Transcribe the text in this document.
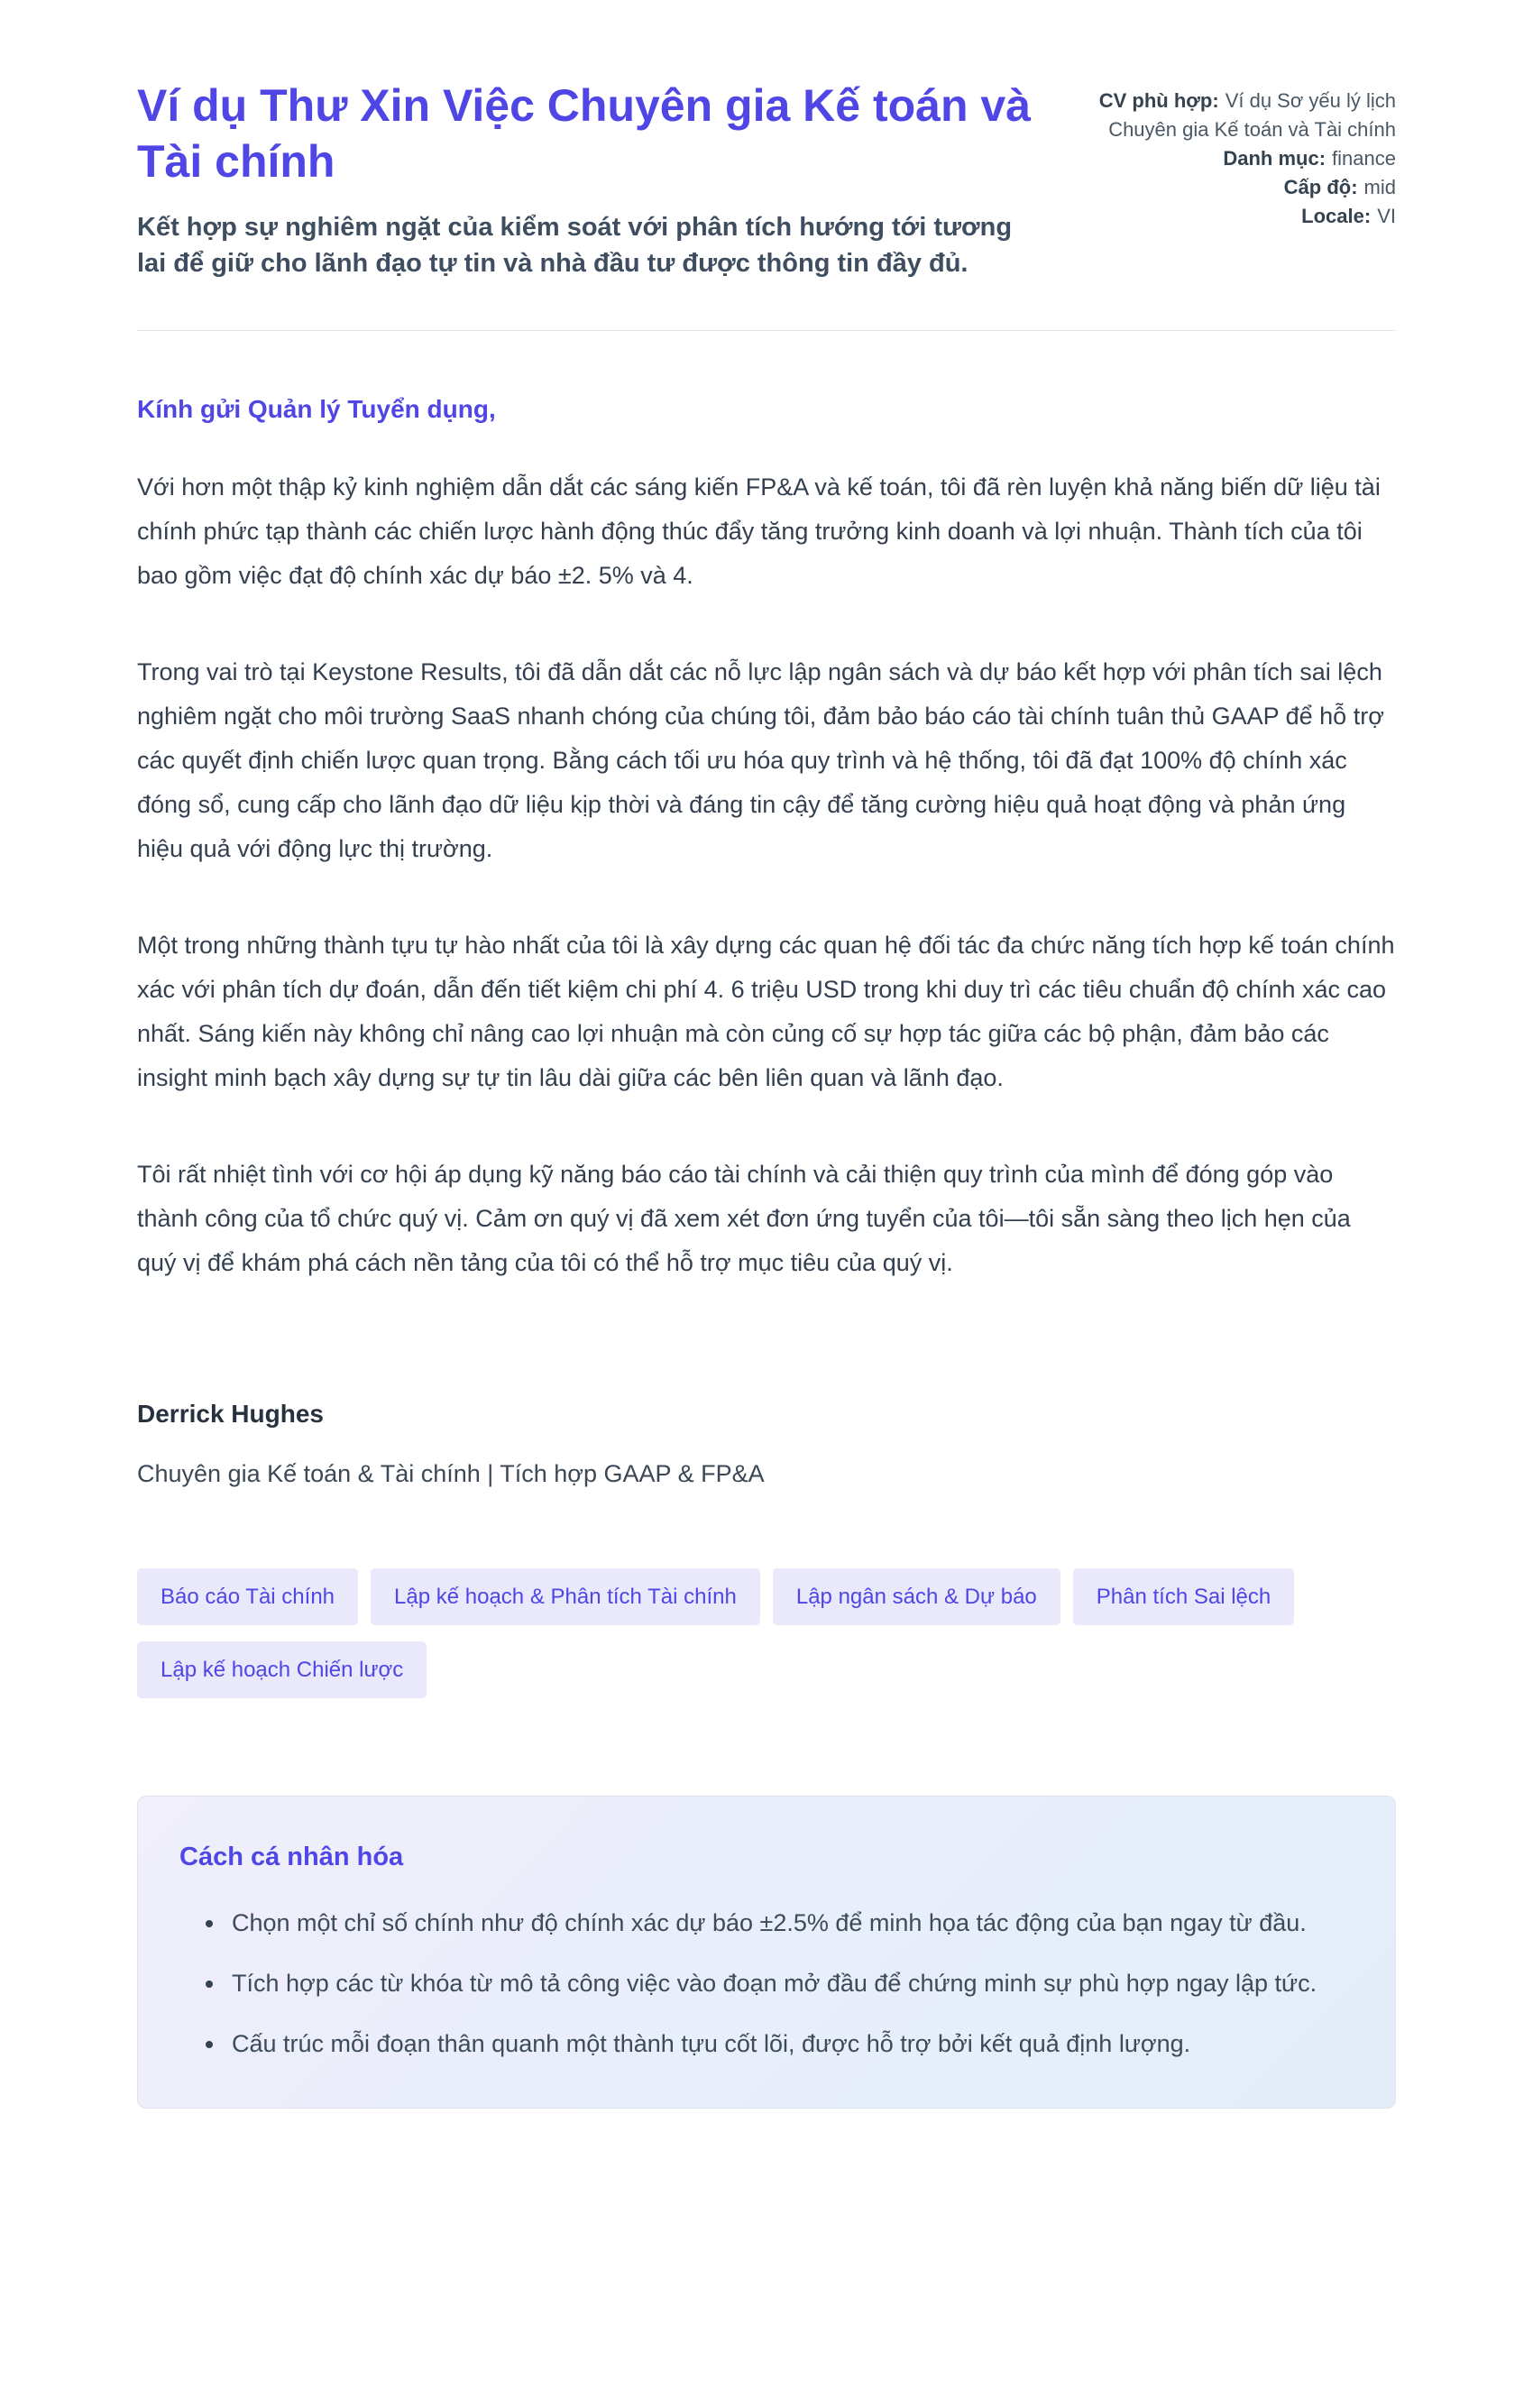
Ví dụ Thư Xin Việc Chuyên gia Kế toán và Tài chính

Kết hợp sự nghiêm ngặt của kiểm soát với phân tích hướng tới tương lai để giữ cho lãnh đạo tự tin và nhà đầu tư được thông tin đầy đủ.

CV phù hợp: Ví dụ Sơ yếu lý lịch Chuyên gia Kế toán và Tài chính
Danh mục: finance
Cấp độ: mid
Locale: VI

Kính gửi Quản lý Tuyển dụng,

Với hơn một thập kỷ kinh nghiệm dẫn dắt các sáng kiến FP&A và kế toán, tôi đã rèn luyện khả năng biến dữ liệu tài chính phức tạp thành các chiến lược hành động thúc đẩy tăng trưởng kinh doanh và lợi nhuận. Thành tích của tôi bao gồm việc đạt độ chính xác dự báo ±2. 5% và 4.

Trong vai trò tại Keystone Results, tôi đã dẫn dắt các nỗ lực lập ngân sách và dự báo kết hợp với phân tích sai lệch nghiêm ngặt cho môi trường SaaS nhanh chóng của chúng tôi, đảm bảo báo cáo tài chính tuân thủ GAAP để hỗ trợ các quyết định chiến lược quan trọng. Bằng cách tối ưu hóa quy trình và hệ thống, tôi đã đạt 100% độ chính xác đóng sổ, cung cấp cho lãnh đạo dữ liệu kịp thời và đáng tin cậy để tăng cường hiệu quả hoạt động và phản ứng hiệu quả với động lực thị trường.

Một trong những thành tựu tự hào nhất của tôi là xây dựng các quan hệ đối tác đa chức năng tích hợp kế toán chính xác với phân tích dự đoán, dẫn đến tiết kiệm chi phí 4. 6 triệu USD trong khi duy trì các tiêu chuẩn độ chính xác cao nhất. Sáng kiến này không chỉ nâng cao lợi nhuận mà còn củng cố sự hợp tác giữa các bộ phận, đảm bảo các insight minh bạch xây dựng sự tự tin lâu dài giữa các bên liên quan và lãnh đạo.

Tôi rất nhiệt tình với cơ hội áp dụng kỹ năng báo cáo tài chính và cải thiện quy trình của mình để đóng góp vào thành công của tổ chức quý vị. Cảm ơn quý vị đã xem xét đơn ứng tuyển của tôi—tôi sẵn sàng theo lịch hẹn của quý vị để khám phá cách nền tảng của tôi có thể hỗ trợ mục tiêu của quý vị.

Derrick Hughes

Chuyên gia Kế toán & Tài chính | Tích hợp GAAP & FP&A

Báo cáo Tài chính	Lập kế hoạch & Phân tích Tài chính	Lập ngân sách & Dự báo	Phân tích Sai lệch
Lập kế hoạch Chiến lược
Cách cá nhân hóa
• Chọn một chỉ số chính như độ chính xác dự báo ±2.5% để minh họa tác động của bạn ngay từ đầu.
• Tích hợp các từ khóa từ mô tả công việc vào đoạn mở đầu để chứng minh sự phù hợp ngay lập tức.
• Cấu trúc mỗi đoạn thân quanh một thành tựu cốt lõi, được hỗ trợ bởi kết quả định lượng.
